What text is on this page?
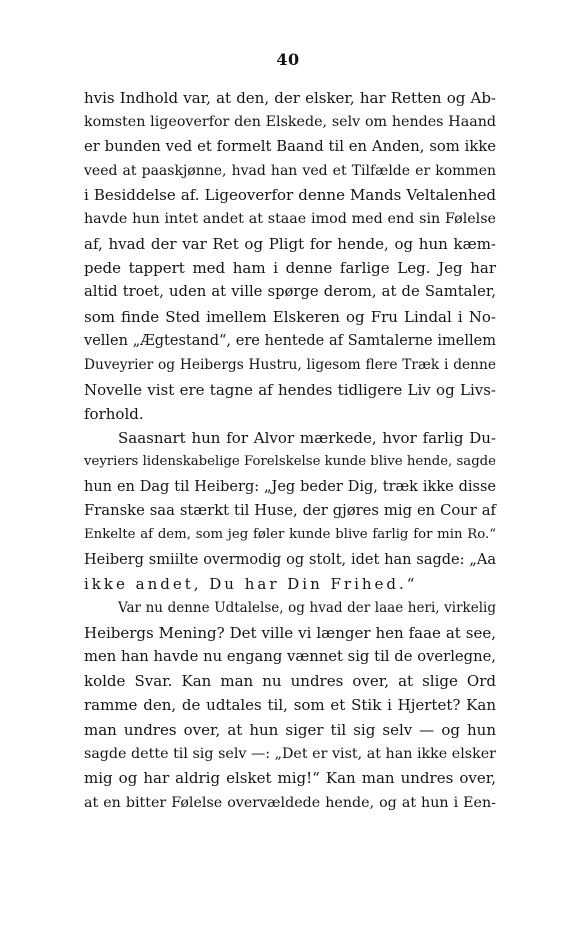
40
hvis Indhold var, at den, der elsker, har Retten og Ab-
komsten ligeoverfor den Elskede, selv om hendes Haand
er bunden ved et formelt Baand til en Anden, som ikke
veed at paaskjønne, hvad han ved et Tilfælde er kommen
i Besiddelse af. Ligeoverfor denne Mands Veltalenhed
havde hun intet andet at staae imod med end sin Følelse
af, hvad der var Ret og Pligt for hende, og hun kæm-
pede tappert med ham i denne farlige Leg. Jeg har
altid troet, uden at ville spørge derom, at de Samtaler,
som finde Sted imellem Elskeren og Fru Lindal i No-
vellen „Ægtestand“, ere hentede af Samtalerne imellem
Duveyrier og Heibergs Hustru, ligesom flere Træk i denne
Novelle vist ere tagne af hendes tidligere Liv og Livs-
forhold.
Saasnart hun for Alvor mærkede, hvor farlig Du-
veyriers lidenskabelige Forelskelse kunde blive hende, sagde
hun en Dag til Heiberg: „Jeg beder Dig, træk ikke disse
Franske saa stærkt til Huse, der gjøres mig en Cour af
Enkelte af dem, som jeg føler kunde blive farlig for min Ro.“
Heiberg smiilte overmodig og stolt, idet han sagde: „Aa
ikke andet, Du har Din Frihed.“
Var nu denne Udtalelse, og hvad der laae heri, virkelig
Heibergs Mening? Det ville vi længer hen faae at see,
men han havde nu engang vænnet sig til de overlegne,
kolde Svar. Kan man nu undres over, at slige Ord
ramme den, de udtales til, som et Stik i Hjertet? Kan
man undres over, at hun siger til sig selv — og hun
sagde dette til sig selv —: „Det er vist, at han ikke elsker
mig og har aldrig elsket mig!“ Kan man undres over,
at en bitter Følelse overvældede hende, og at hun i Een-
